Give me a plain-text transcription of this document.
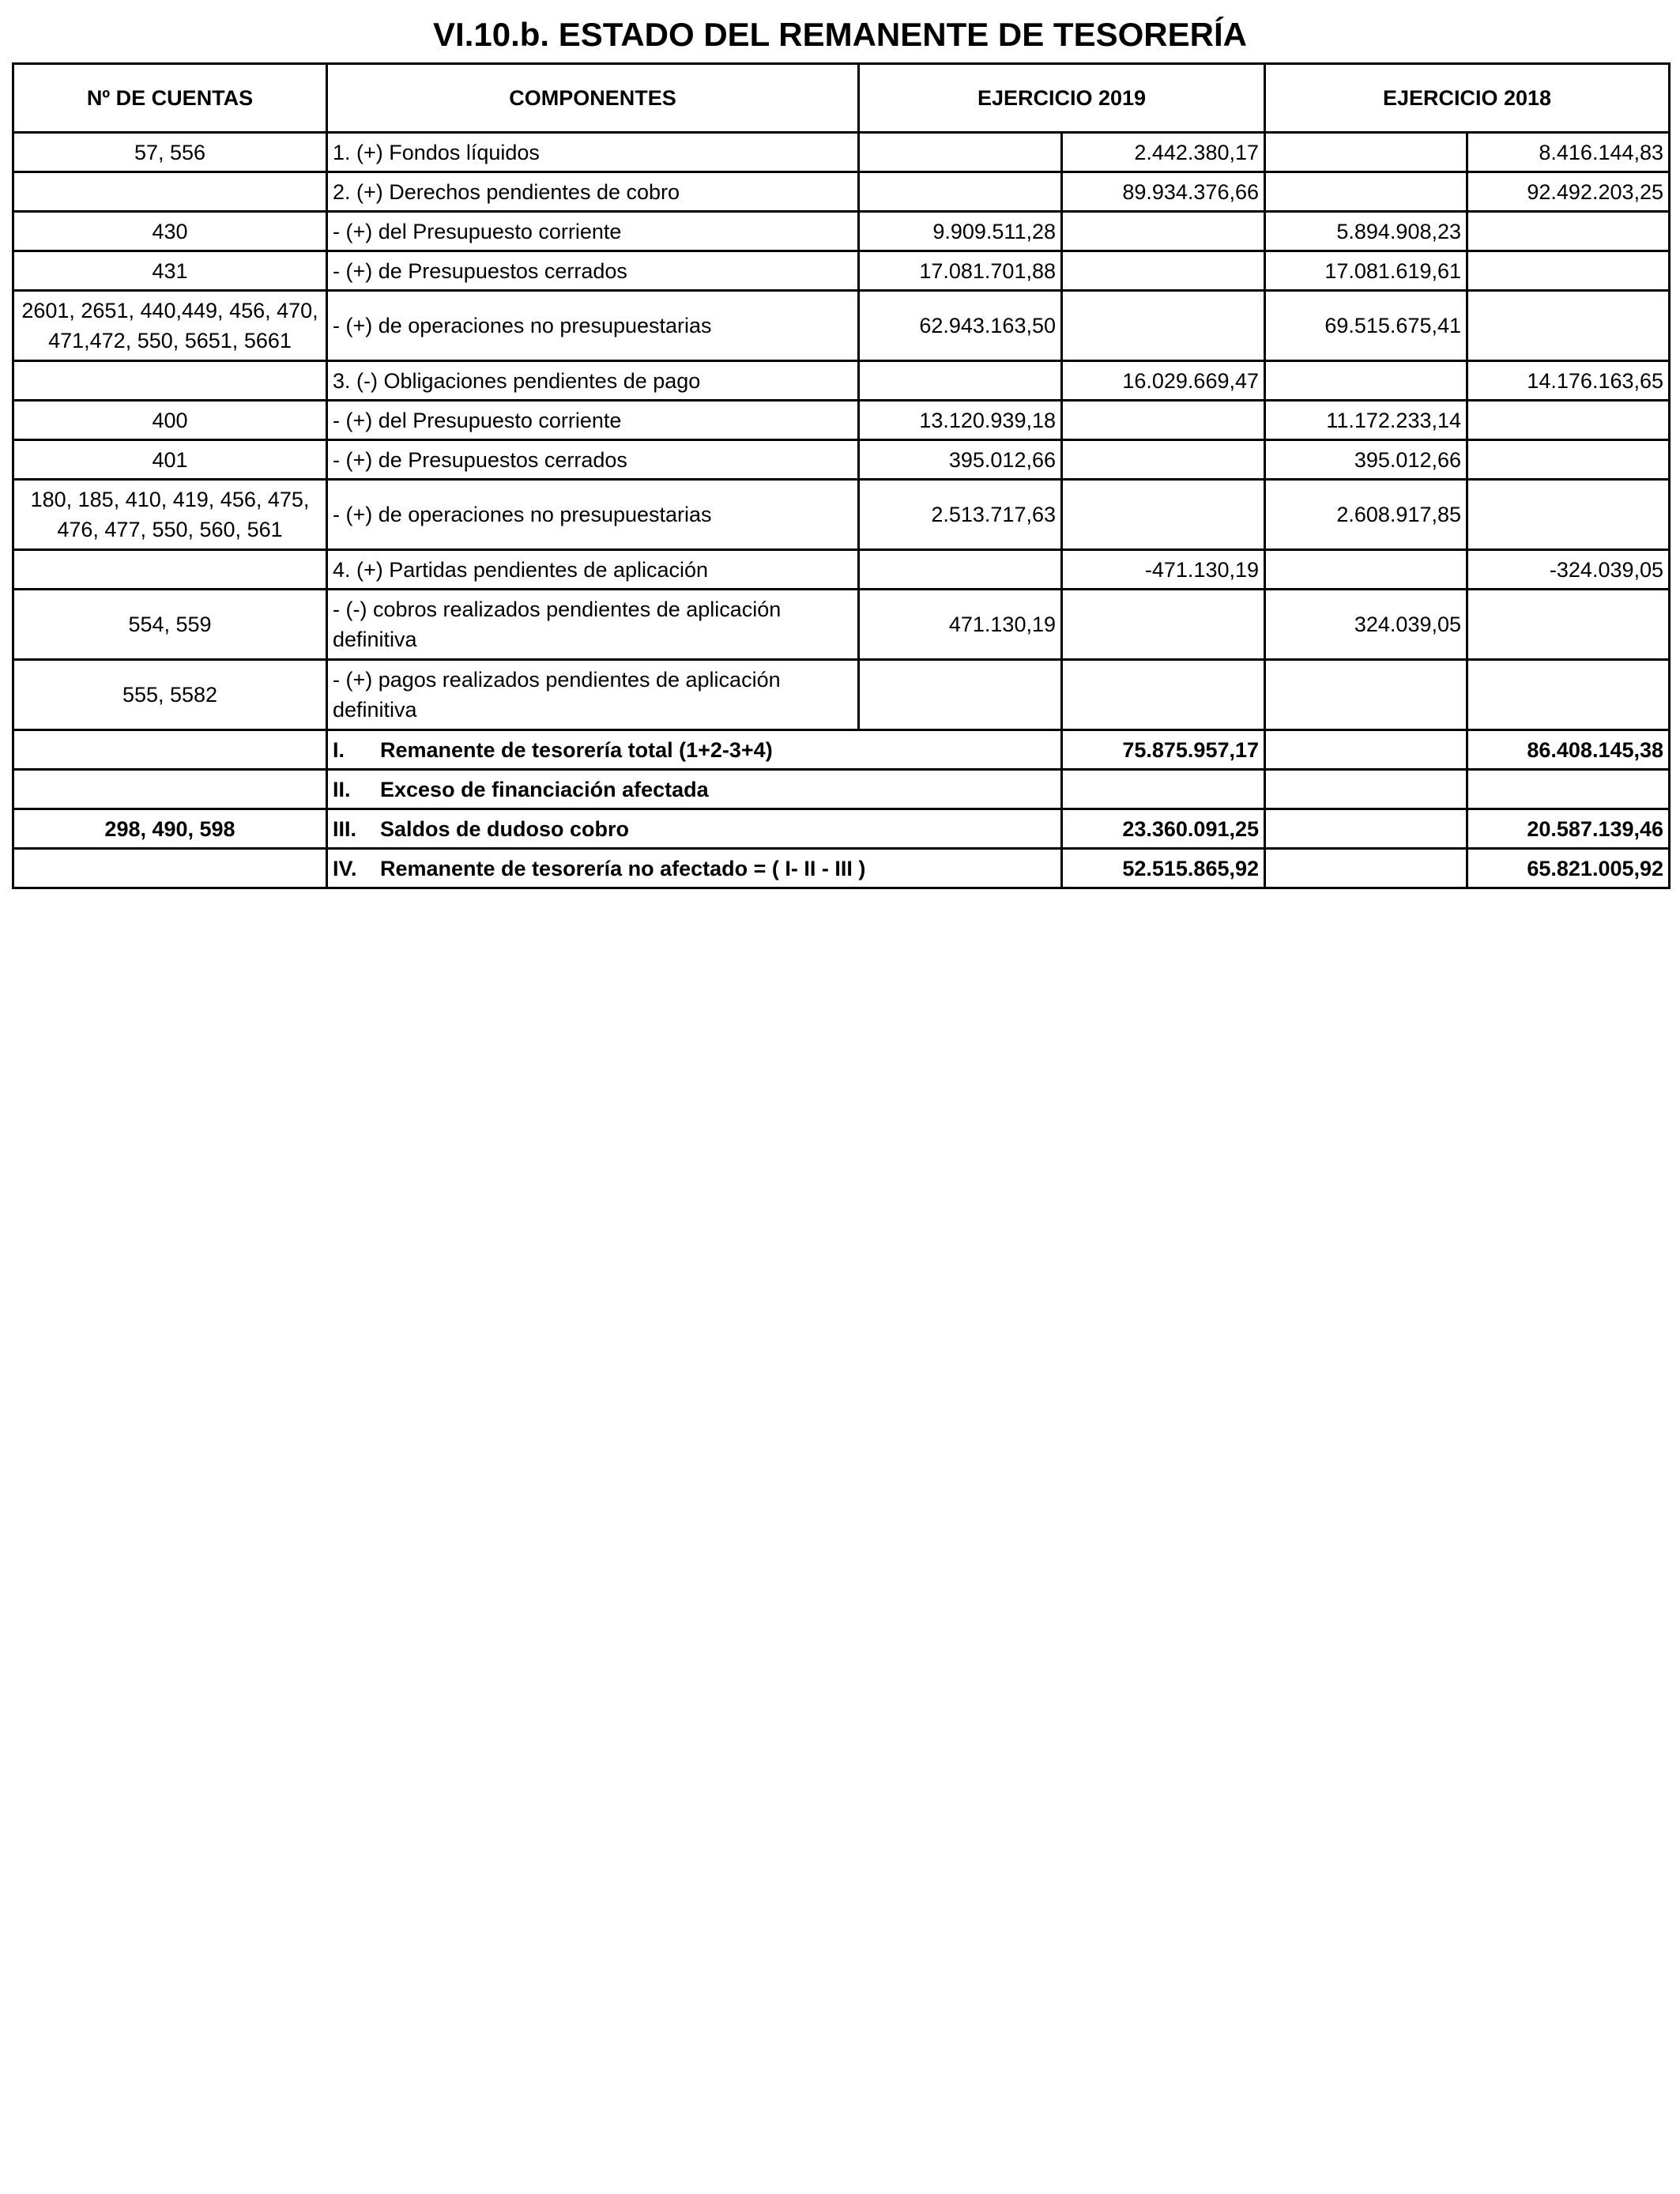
VI.10.b. ESTADO DEL REMANENTE DE TESORERÍA
Nº DE CUENTAS	COMPONENTES	EJERCICIO 2019		EJERCICIO 2018	
57, 556	1. (+) Fondos líquidos		2.442.380,17		8.416.144,83
	2. (+) Derechos pendientes de cobro		89.934.376,66		92.492.203,25
430	- (+) del Presupuesto corriente	9.909.511,28		5.894.908,23	
431	- (+) de Presupuestos cerrados	17.081.701,88		17.081.619,61	
2601, 2651, 440,449, 456, 470, 471,472, 550, 5651, 5661	- (+) de operaciones no presupuestarias	62.943.163,50		69.515.675,41	
	3. (-) Obligaciones pendientes de pago		16.029.669,47		14.176.163,65
400	- (+) del Presupuesto corriente	13.120.939,18		11.172.233,14	
401	- (+) de Presupuestos cerrados	395.012,66		395.012,66	
180, 185, 410, 419, 456, 475, 476, 477, 550, 560, 561	- (+) de operaciones no presupuestarias	2.513.717,63		2.608.917,85	
	4. (+) Partidas pendientes de aplicación		-471.130,19		-324.039,05
554, 559	- (-) cobros realizados pendientes de aplicación definitiva	471.130,19		324.039,05	
555, 5582	- (+) pagos realizados pendientes de aplicación definitiva				
	I. Remanente de tesorería total (1+2-3+4)		75.875.957,17		86.408.145,38
	II. Exceso de financiación afectada				
298, 490, 598	III. Saldos de dudoso cobro		23.360.091,25		20.587.139,46
	IV. Remanente de tesorería no afectado = ( I- II - III )		52.515.865,92		65.821.005,92
